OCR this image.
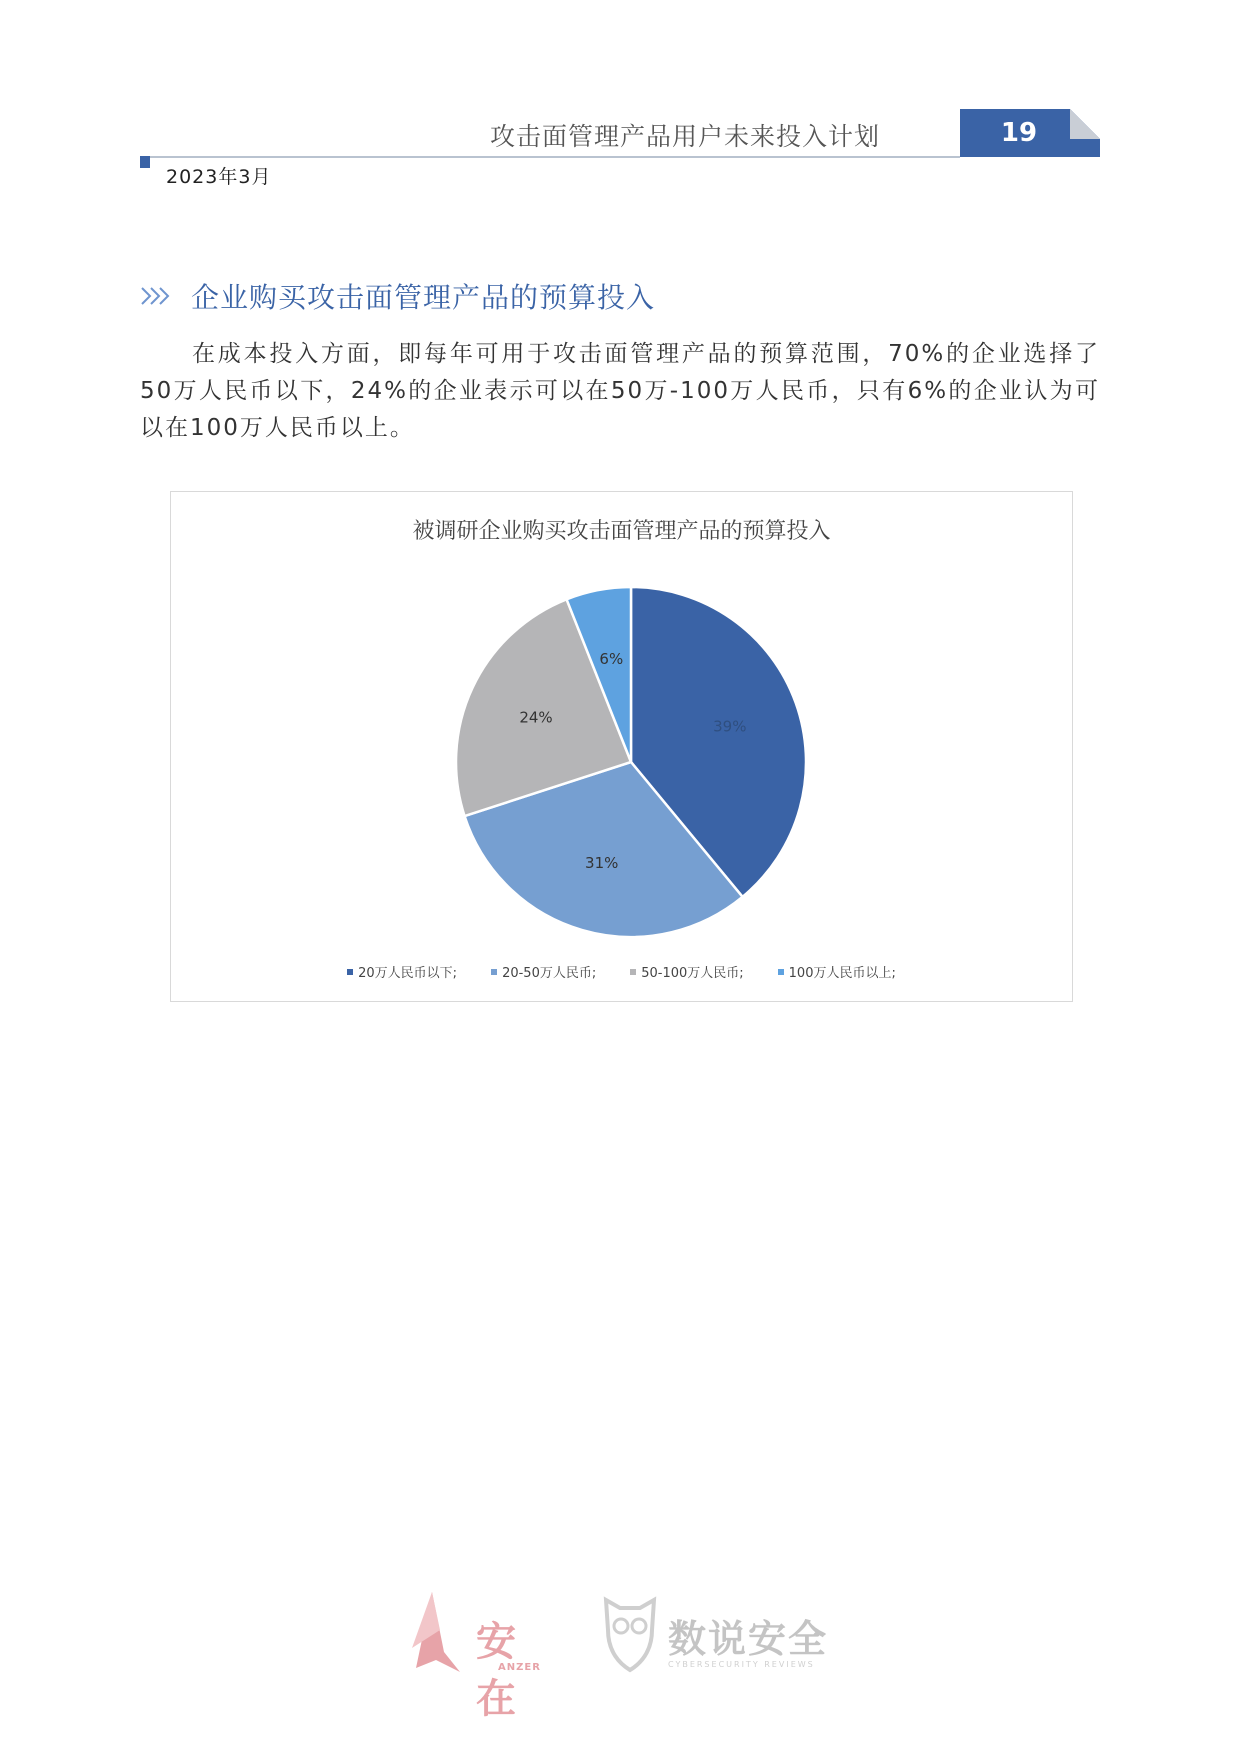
攻击面管理产品用户未来投入计划	19
2023年3月
企业购买攻击面管理产品的预算投入
在成本投入方面，即每年可用于攻击面管理产品的预算范围，70%的企业选择了50万人民币以下，24%的企业表示可以在50万-100万人民币，只有6%的企业认为可以在100万人民币以上。
被调研企业购买攻击面管理产品的预算投入
39%
31%
24%
6%
20万人民币以下;	20-50万人民币;	50-100万人民币;	100万人民币以上;
安在
ANZER
数说安全
CYBERSECURITY REVIEWS
